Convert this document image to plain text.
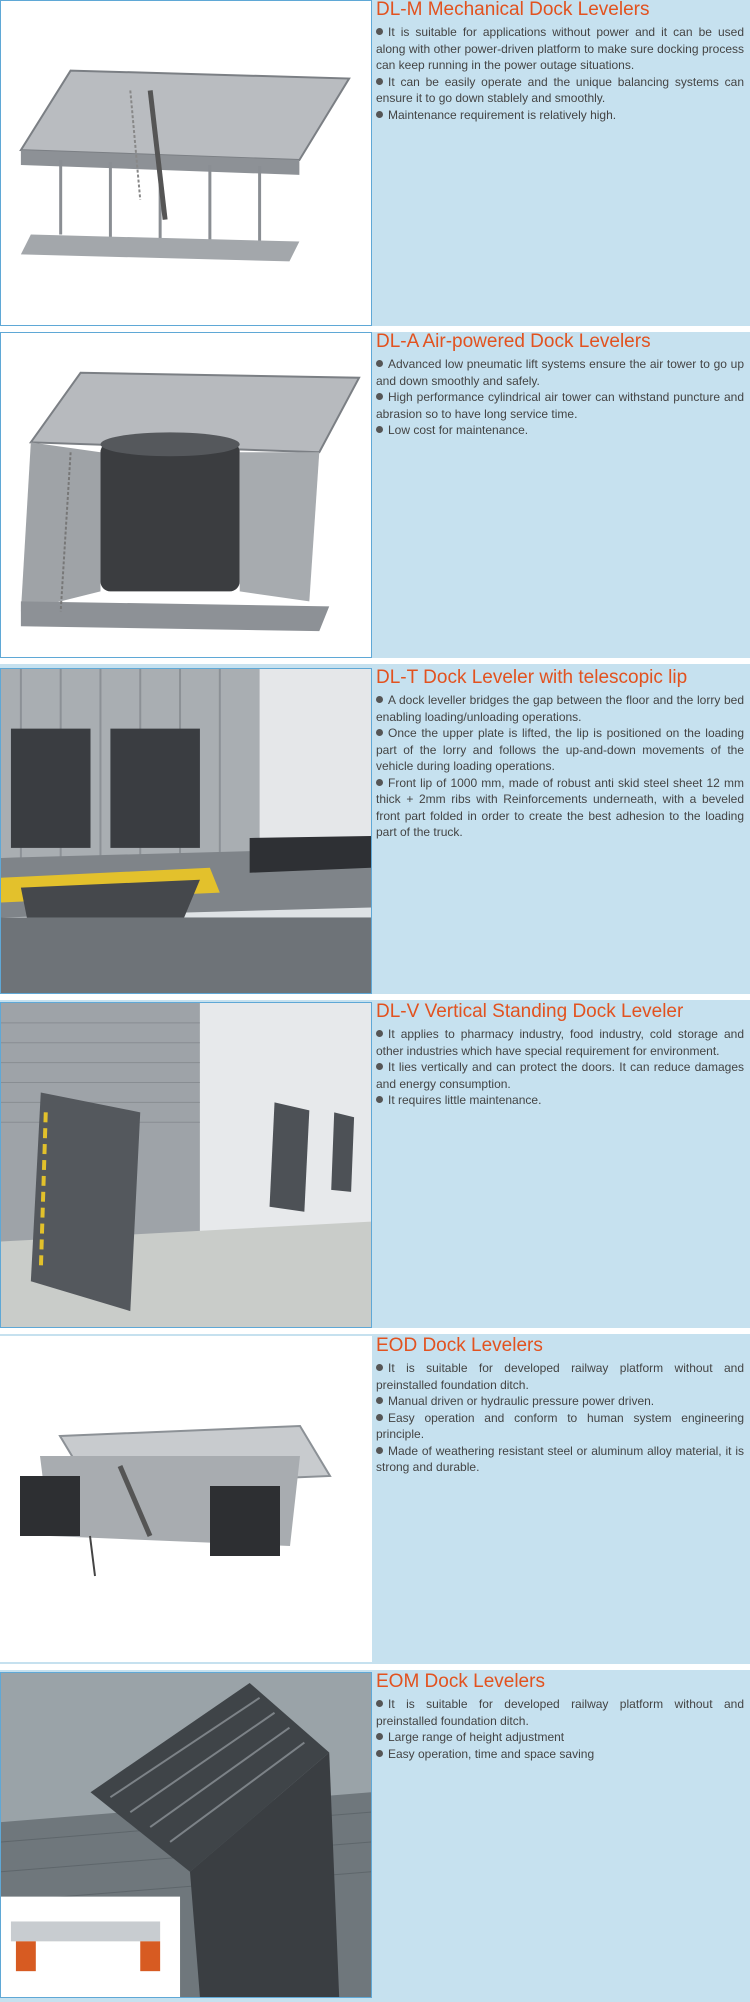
DL-M Mechanical Dock Levelers
It is suitable for applications without power and it can be used along with other power-driven platform to make sure docking process can keep running in the power outage situations.
It can be easily operate and the unique balancing systems can ensure it to go down stablely and smoothly.
Maintenance requirement is relatively high.
DL-A Air-powered Dock Levelers
Advanced low pneumatic lift systems ensure the air tower to go up and down smoothly and safely.
High performance cylindrical air tower can withstand puncture and abrasion so to have long service time.
Low cost for maintenance.
DL-T Dock Leveler with telescopic lip
A dock leveller bridges the gap between the floor and the lorry bed enabling loading/unloading operations.
Once the upper plate is lifted, the lip is positioned on the loading part of the lorry and follows the up-and-down movements of the vehicle during loading operations.
Front lip of 1000 mm, made of robust anti skid steel sheet 12 mm thick + 2mm ribs with Reinforcements underneath, with a beveled front part folded in order to create the best adhesion to the loading part of the truck.
DL-V Vertical Standing Dock Leveler
It applies to pharmacy industry, food industry, cold storage and other industries which have special requirement for environment.
It lies vertically and can protect the doors. It can reduce damages and energy consumption.
It requires little maintenance.
EOD Dock Levelers
It is suitable for developed railway platform without and preinstalled foundation ditch.
Manual driven or hydraulic pressure power driven.
Easy operation and conform to human system engineering principle.
Made of weathering resistant steel or aluminum alloy material, it is strong and durable.
EOM Dock Levelers
It is suitable for developed railway platform without and preinstalled foundation ditch.
Large range of height adjustment
Easy operation, time and space saving
